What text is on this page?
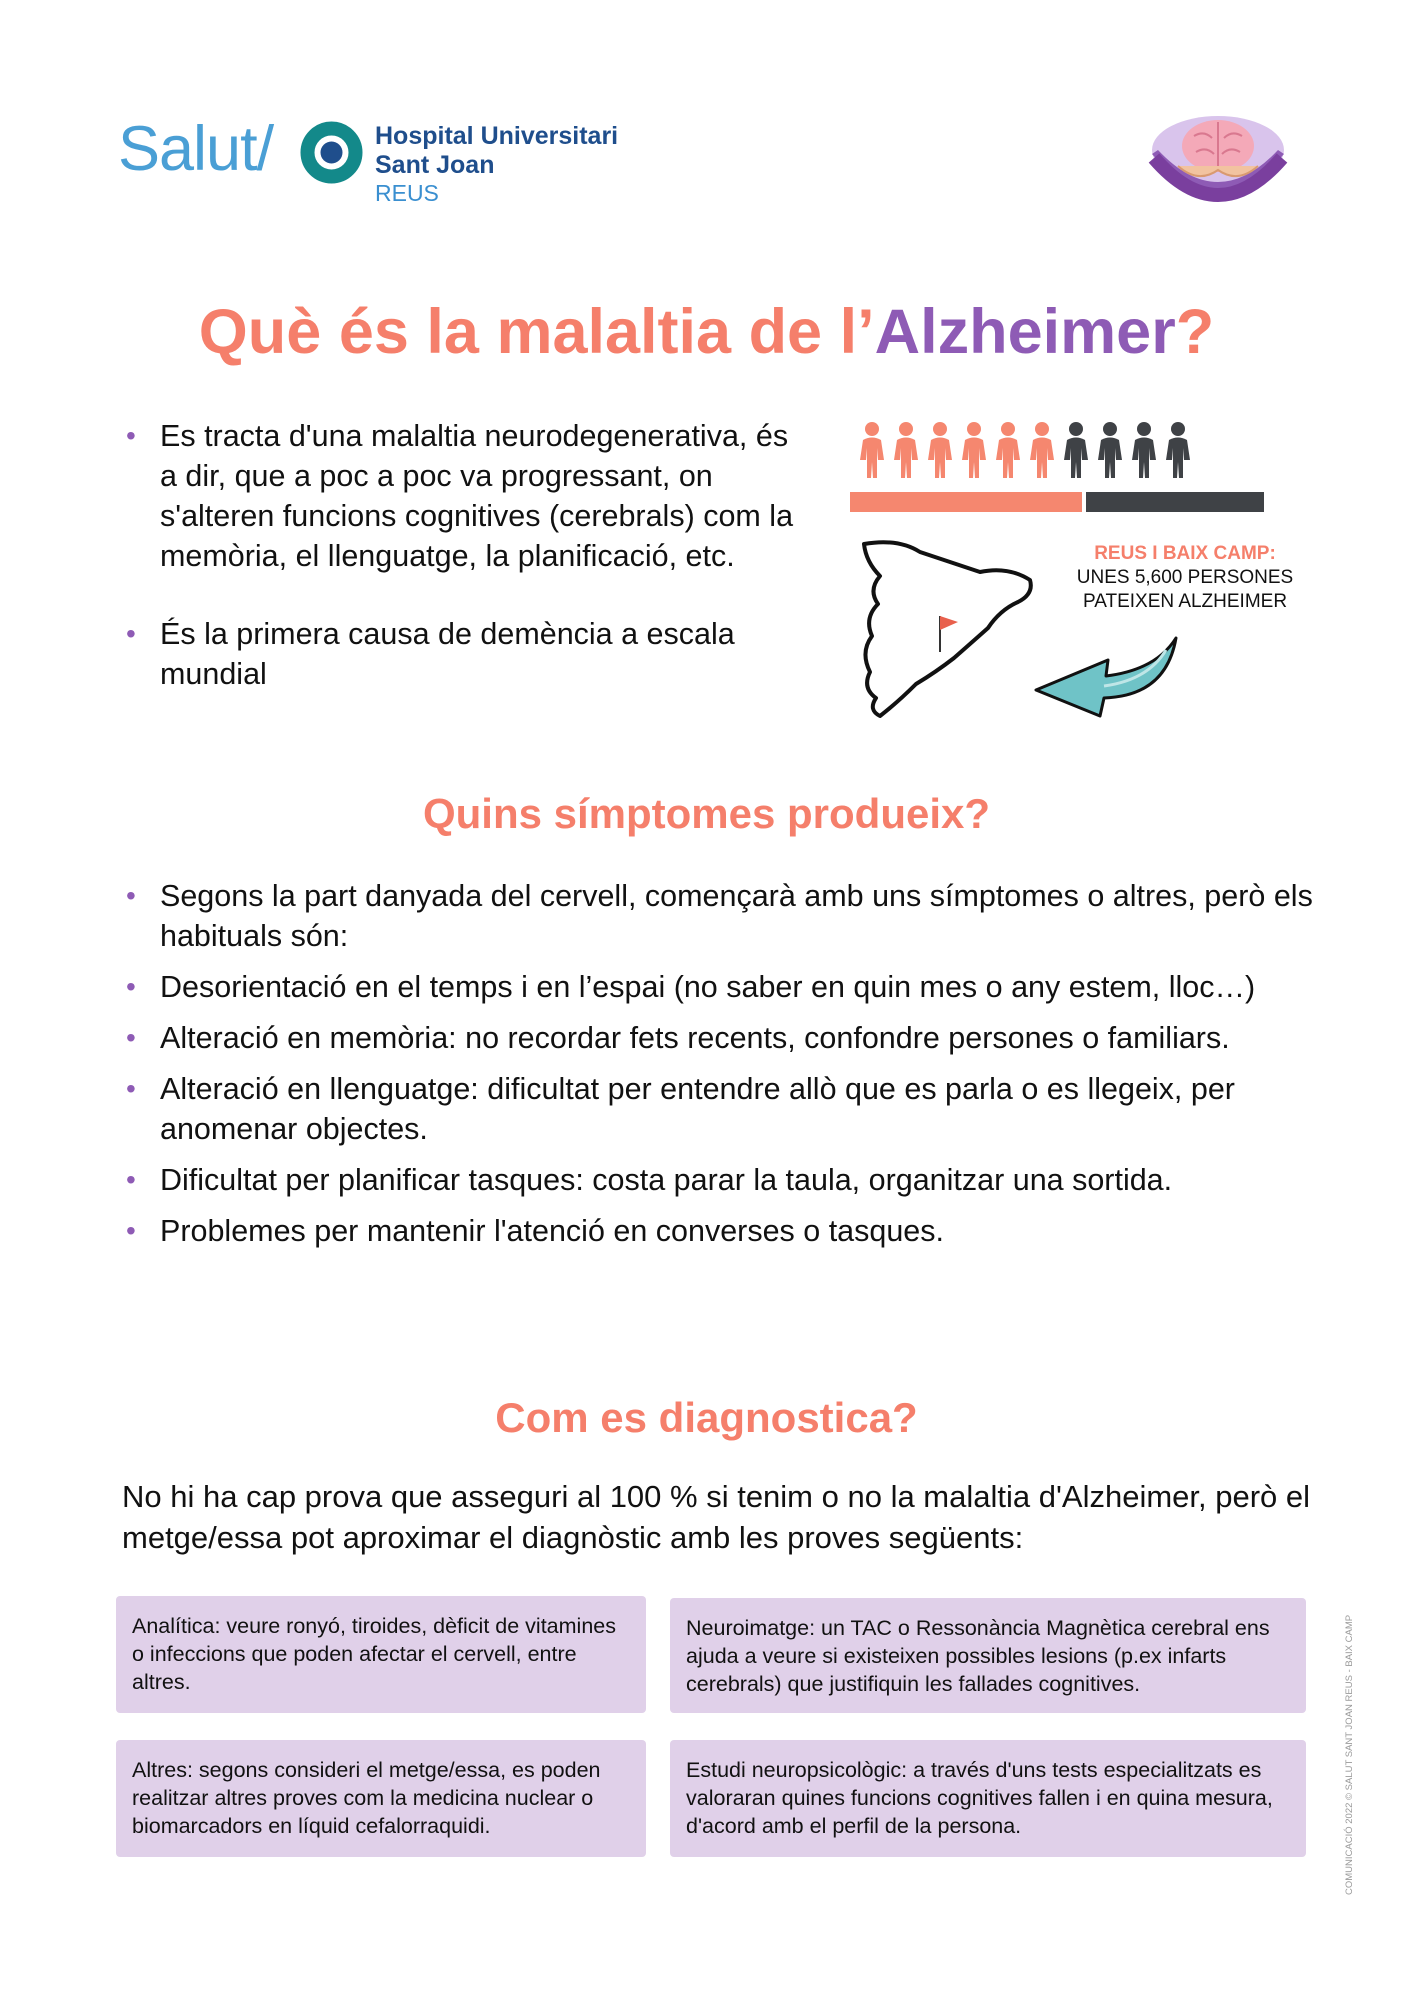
Salut/	Hospital Universitari
Sant Joan
REUS
Què és la malaltia de l’Alzheimer?
• Es tracta d'una malaltia neurodegenerativa, és a dir, que a poc a poc va progressant, on s'alteren funcions cognitives (cerebrals) com la memòria, el llenguatge, la planificació, etc.
• És la primera causa de demència a escala mundial
REUS I BAIX CAMP:
UNES 5,600 PERSONES
PATEIXEN ALZHEIMER
Quins símptomes produeix?
• Segons la part danyada del cervell, començarà amb uns símptomes o altres, però els habituals són:
• Desorientació en el temps i en l’espai (no saber en quin mes o any estem, lloc…)
• Alteració en memòria: no recordar fets recents, confondre persones o familiars.
• Alteració en llenguatge: dificultat per entendre allò que es parla o es llegeix, per anomenar objectes.
• Dificultat per planificar tasques: costa parar la taula, organitzar una sortida.
• Problemes per mantenir l'atenció en converses o tasques.
Com es diagnostica?
No hi ha cap prova que asseguri al 100 % si tenim o no la malaltia d'Alzheimer, però el metge/essa pot aproximar el diagnòstic amb les proves següents:
Analítica: veure ronyó, tiroides, dèficit de vitamines o infeccions que poden afectar el cervell, entre altres.
Neuroimatge: un TAC o Ressonància Magnètica cerebral ens ajuda a veure si existeixen possibles lesions (p.ex infarts cerebrals) que justifiquin les fallades cognitives.
Altres: segons consideri el metge/essa, es poden realitzar altres proves com la medicina nuclear o biomarcadors en líquid cefalorraquidi.
Estudi neuropsicològic: a través d'uns tests especialitzats es valoraran quines funcions cognitives fallen i en quina mesura, d'acord amb el perfil de la persona.	COMUNICACIÓ 2022 © SALUT SANT JOAN REUS - BAIX CAMP
